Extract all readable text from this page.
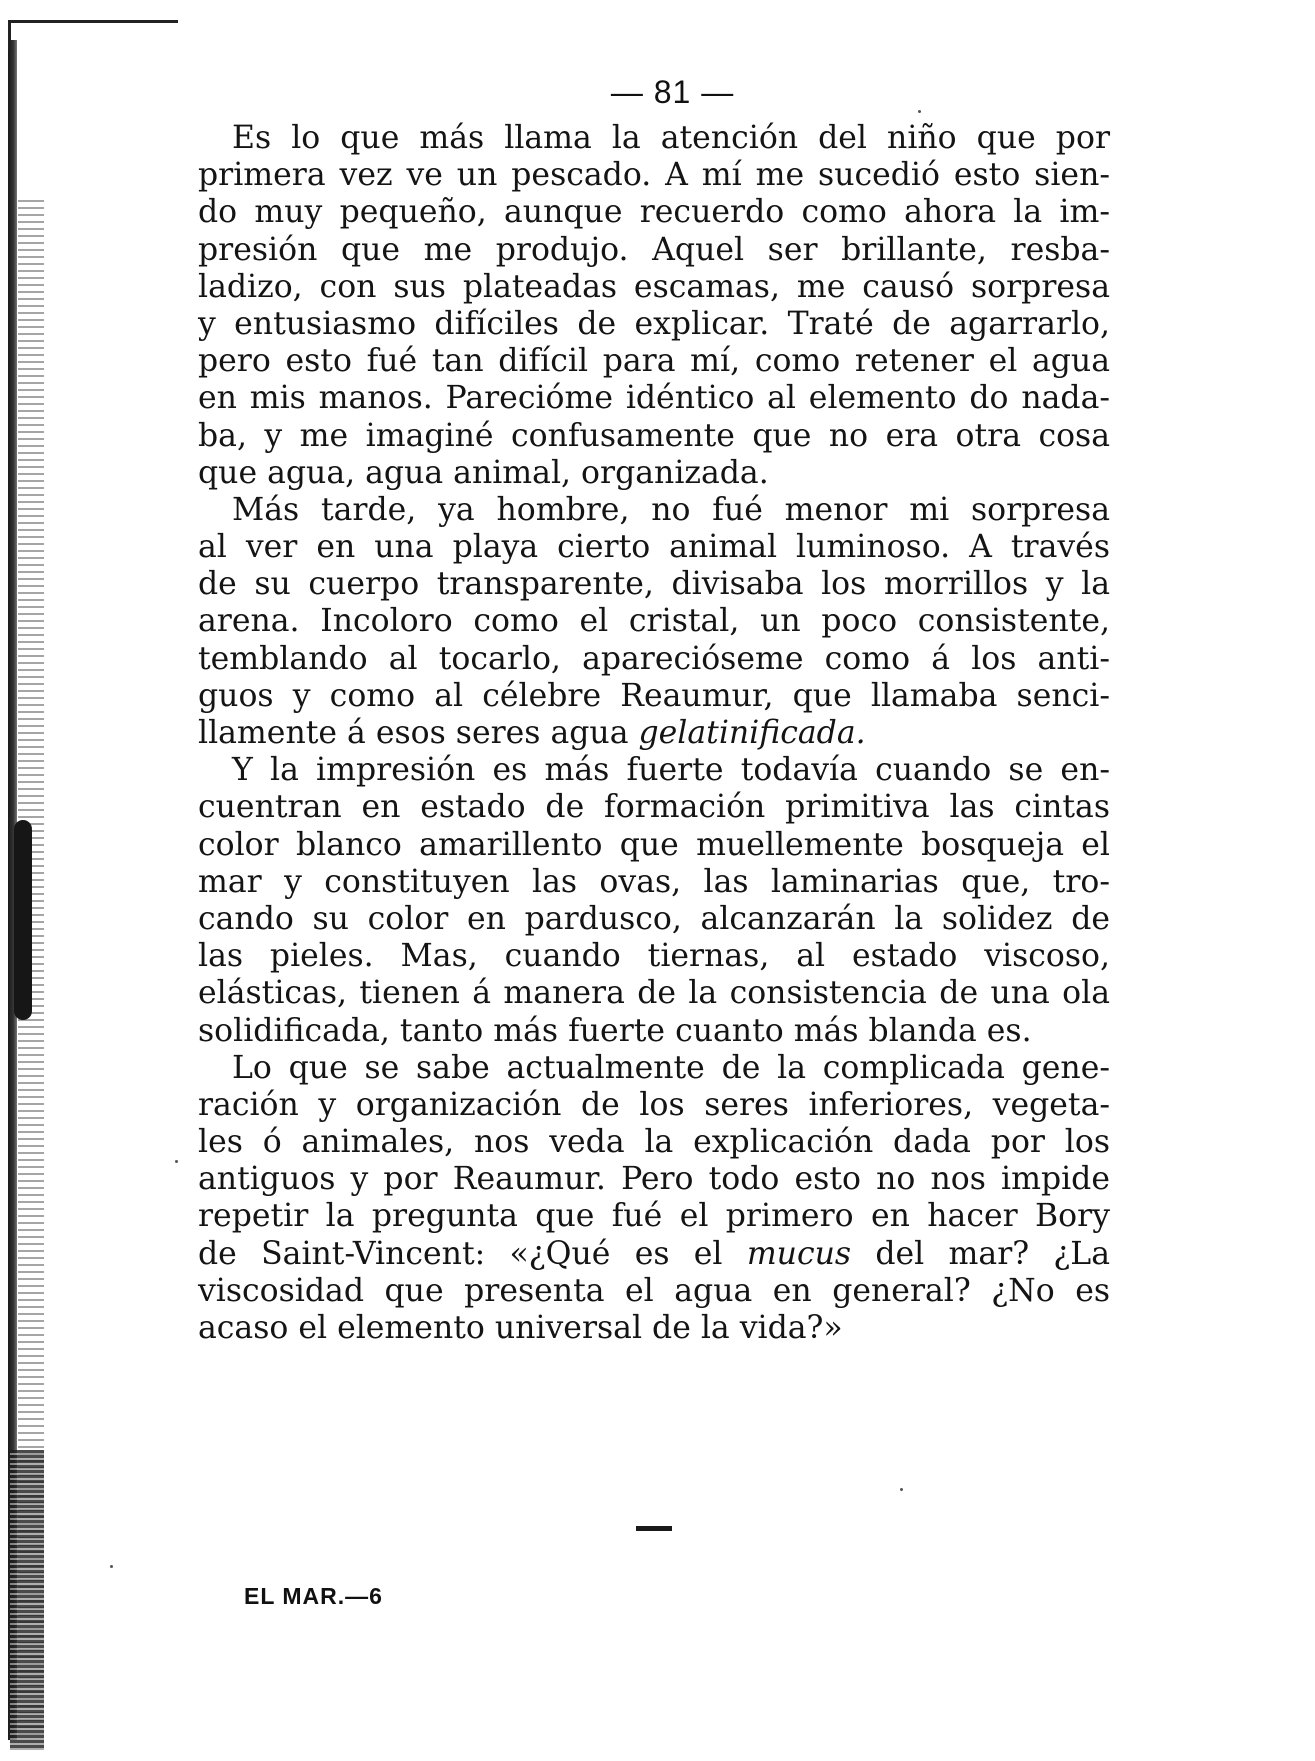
— 81 —
Es lo que más llama la atención del niño que por
primera vez ve un pescado. A mí me sucedió esto sien-
do muy pequeño, aunque recuerdo como ahora la im-
presión que me produjo. Aquel ser brillante, resba-
ladizo, con sus plateadas escamas, me causó sorpresa
y entusiasmo difíciles de explicar. Traté de agarrarlo,
pero esto fué tan difícil para mí, como retener el agua
en mis manos. Parecióme idéntico al elemento do nada-
ba, y me imaginé confusamente que no era otra cosa
que agua, agua animal, organizada.
Más tarde, ya hombre, no fué menor mi sorpresa
al ver en una playa cierto animal luminoso. A través
de su cuerpo transparente, divisaba los morrillos y la
arena. Incoloro como el cristal, un poco consistente,
temblando al tocarlo, aparecióseme como á los anti-
guos y como al célebre Reaumur, que llamaba senci-
llamente á esos seres agua gelatinificada.
Y la impresión es más fuerte todavía cuando se en-
cuentran en estado de formación primitiva las cintas
color blanco amarillento que muellemente bosqueja el
mar y constituyen las ovas, las laminarias que, tro-
cando su color en pardusco, alcanzarán la solidez de
las pieles. Mas, cuando tiernas, al estado viscoso,
elásticas, tienen á manera de la consistencia de una ola
solidificada, tanto más fuerte cuanto más blanda es.
Lo que se sabe actualmente de la complicada gene-
ración y organización de los seres inferiores, vegeta-
les ó animales, nos veda la explicación dada por los
antiguos y por Reaumur. Pero todo esto no nos impide
repetir la pregunta que fué el primero en hacer Bory
de Saint-Vincent: «¿Qué es el mucus del mar? ¿La
viscosidad que presenta el agua en general? ¿No es
acaso el elemento universal de la vida?»
EL MAR.—6
